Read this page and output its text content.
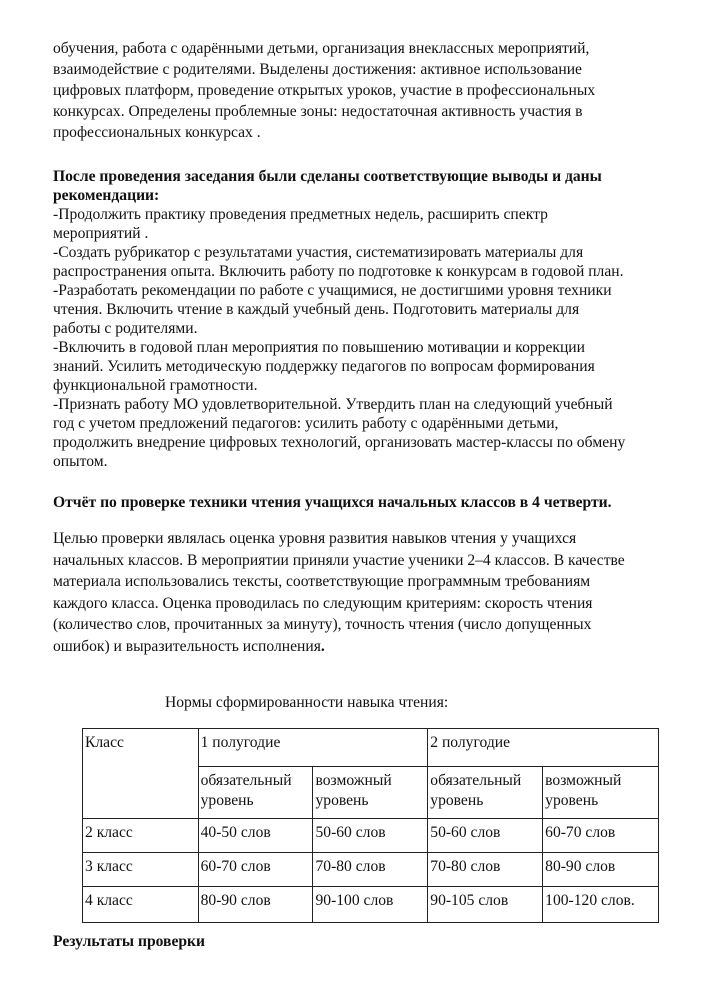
обучения, работа с одарёнными детьми, организация внеклассных мероприятий,
взаимодействие с родителями. Выделены достижения: активное использование
цифровых платформ, проведение открытых уроков, участие в профессиональных
конкурсах. Определены проблемные зоны: недостаточная активность участия в
профессиональных конкурсах .
После проведения заседания были сделаны соответствующие выводы и даны
рекомендации:
-Продолжить практику проведения предметных недель, расширить спектр
мероприятий .
-Создать рубрикатор с результатами участия, систематизировать материалы для
распространения опыта. Включить работу по подготовке к конкурсам в годовой план.
-Разработать рекомендации по работе с учащимися, не достигшими уровня техники
чтения. Включить чтение в каждый учебный день. Подготовить материалы для
работы с родителями.
-Включить в годовой план мероприятия по повышению мотивации и коррекции
знаний. Усилить методическую поддержку педагогов по вопросам формирования
функциональной грамотности.
-Признать работу МО удовлетворительной. Утвердить план на следующий учебный
год с учетом предложений педагогов: усилить работу с одарёнными детьми,
продолжить внедрение цифровых технологий, организовать мастер-классы по обмену
опытом.
Отчёт по проверке техники чтения учащихся начальных классов в 4 четверти.
Целью проверки являлась оценка уровня развития навыков чтения у учащихся
начальных классов. В мероприятии приняли участие ученики 2–4 классов. В качестве
материала использовались тексты, соответствующие программным требованиям
каждого класса. Оценка проводилась по следующим критериям: скорость чтения
(количество слов, прочитанных за минуту), точность чтения (число допущенных
ошибок) и выразительность исполнения.
Нормы сформированности навыка чтения:
Класс	1 полугодие		2 полугодие	
	обязательный уровень	возможный уровень	обязательный уровень	возможный уровень
2 класс	40-50 слов	50-60 слов	50-60 слов	60-70 слов
3 класс	60-70 слов	70-80 слов	70-80 слов	80-90 слов
4 класс	80-90 слов	90-100 слов	90-105 слов	100-120 слов.
Результаты проверки
